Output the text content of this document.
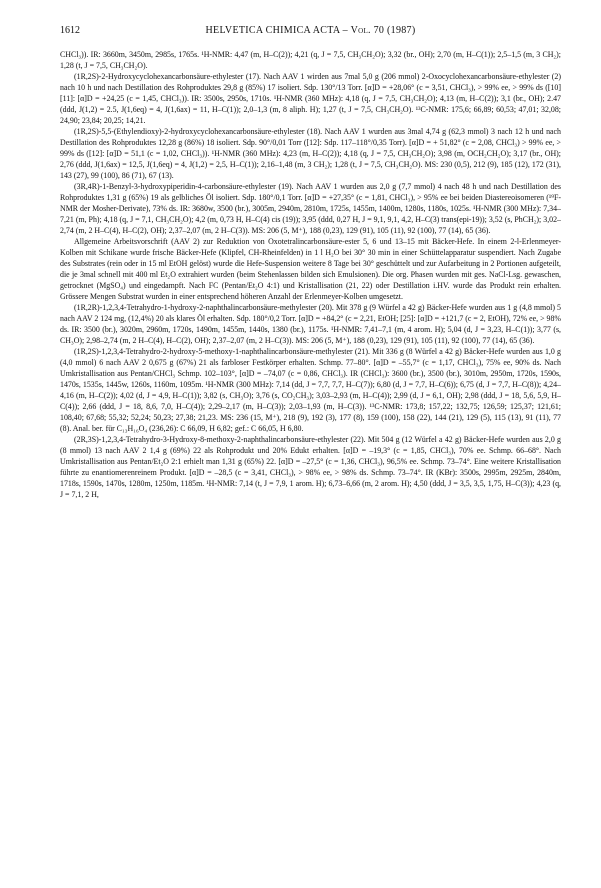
1612	HELVETICA CHIMICA ACTA – Vol. 70 (1987)

CHCl₃)). IR: 3660m, 3450m, 2985s, 1765s. ¹H-NMR: 4,47 (m, H–C(2)); 4,21 (q, J = 7,5, CH₃CH₂O); 3,32 (br., OH); 2,70 (m, H–C(1)); 2,5–1,5 (m, 3 CH₂); 1,28 (t, J = 7,5, CH₃CH₂O).

(1R,2S)-2-Hydroxycyclohexancarbonsäure-ethylester (17). Nach AAV 1 wirden aus 7mal 5,0 g (206 mmol) 2-Oxocyclohexancarbonsäure-ethylester (2) nach 10 h und nach Destillation des Rohproduktes 29,8 g (85%) 17 isoliert. Sdp. 130°/13 Torr. [α]D = +28,06° (c = 3,51, CHCl₃), > 99% ee, > 99% ds ([10] [11]: [α]D = +24,25 (c = 1,45, CHCl₃)). IR: 3500s, 2950s, 1710s. ¹H-NMR (360 MHz): 4,18 (q, J = 7,5, CH₃CH₂O); 4,13 (m, H–C(2)); 3,1 (br., OH); 2.47 (ddd, J(1,2) = 2.5, J(1,6eq) = 4, J(1,6ax) = 11, H–C(1)); 2,0–1,3 (m, 8 aliph. H); 1,27 (t, J = 7,5, CH₃CH₂O). ¹³C-NMR: 175,6; 66,89; 60,53; 47,01; 32,08; 24,90; 23,84; 20,25; 14,21.

(1R,2S)-5,5-(Ethylendioxy)-2-hydroxycyclohexancarbonsäure-ethylester (18). Nach AAV 1 wurden aus 3mal 4,74 g (62,3 mmol) 3 nach 12 h und nach Destillation des Rohproduktes 12,28 g (86%) 18 isoliert. Sdp. 90°/0,01 Torr ([12]: Sdp. 117–118°/0,35 Torr). [α]D = + 51,82° (c = 2,08, CHCl₃) > 99% ee, > 99% ds ([12]: [α]D = 51,1 (c = 1,02, CHCl₃)). ¹H-NMR (360 MHz): 4,23 (m, H–C(2)); 4,18 (q, J = 7,5, CH₃CH₂O); 3,98 (m, OCH₂CH₂O); 3,17 (br., OH); 2,76 (ddd, J(1,6ax) = 12,5, J(1,6eq) = 4, J(1,2) = 2,5, H–C(1)); 2,16–1,48 (m, 3 CH₂); 1,28 (t, J = 7,5, CH₃CH₂O). MS: 230 (0,5), 212 (9), 185 (12), 172 (31), 143 (27), 99 (100), 86 (71), 67 (13).

(3R,4R)-1-Benzyl-3-hydroxypiperidin-4-carbonsäure-ethylester (19). Nach AAV 1 wurden aus 2,0 g (7,7 mmol) 4 nach 48 h und nach Destillation des Rohproduktes 1,31 g (65%) 19 als gelbliches Öl isoliert. Sdp. 180°/0,1 Torr. [α]D = +27,35° (c = 1,81, CHCl₃), > 95% ee bei beiden Diastereoisomeren (¹⁹F-NMR der Mosher-Derivate), 73% ds. IR: 3680w, 3500 (br.), 3005m, 2940m, 2810m, 1725s, 1455m, 1400m, 1280s, 1180s, 1025s. ¹H-NMR (300 MHz): 7,34–7,21 (m, Ph); 4,18 (q, J = 7,1, CH₃CH₂O); 4,2 (m, 0,73 H, H–C(4) cis (19)); 3,95 (ddd, 0,27 H, J = 9,1, 9,1, 4,2, H–C(3) trans(epi-19)); 3,52 (s, PhCH₂); 3,02–2,74 (m, 2 H–C(4), H–C(2), OH); 2,37–2,07 (m, 2 H–C(3)). MS: 206 (5, M⁺), 188 (0,23), 129 (91), 105 (11), 92 (100), 77 (14), 65 (36).

Allgemeine Arbeitsvorschrift (AAV 2) zur Reduktion von Oxotetralincarbonsäure-ester 5, 6 und 13–15 mit Bäcker-Hefe. In einem 2-l-Erlenmeyer-Kolben mit Schikane wurde frische Bäcker-Hefe (Klipfel, CH-Rheinfelden) in 1 l H₂O bei 30° 30 min in einer Schüttelapparatur suspendiert. Nach Zugabe des Substrates (rein oder in 15 ml EtOH gelöst) wurde die Hefe-Suspension weitere 8 Tage bei 30° geschüttelt und zur Aufarbeitung in 2 Portionen aufgeteilt, die je 3mal schnell mit 400 ml Et₂O extrahiert wurden (beim Stehenlassen bilden sich Emulsionen). Die org. Phasen wurden mit ges. NaCl-Lsg. gewaschen, getrocknet (MgSO₄) und eingedampft. Nach FC (Pentan/Et₂O 4:1) und Kristallisation (21, 22) oder Destillation i.HV. wurde das Produkt rein erhalten. Grössere Mengen Substrat wurden in einer entsprechend höheren Anzahl der Erlenmeyer-Kolben umgesetzt.

(1R,2R)-1,2,3,4-Tetrahydro-1-hydroxy-2-naphthalincarbonsäure-methylester (20). Mit 378 g (9 Würfel a 42 g) Bäcker-Hefe wurden aus 1 g (4,8 mmol) 5 nach AAV 2 124 mg, (12,4%) 20 als klares Öl erhalten. Sdp. 180°/0,2 Torr. [α]D = +84,2° (c = 2,21, EtOH; [25]: [α]D = +121,7 (c = 2, EtOH), 72% ee, > 98% ds. IR: 3500 (br.), 3020m, 2960m, 1720s, 1490m, 1455m, 1440s, 1380 (br.), 1175s. ¹H-NMR: 7,41–7,1 (m, 4 arom. H); 5,04 (d, J = 3,23, H–C(1)); 3,77 (s, CH₃O); 2,98–2,74 (m, 2 H–C(4), H–C(2), OH); 2,37–2,07 (m, 2 H–C(3)). MS: 206 (5, M⁺), 188 (0,23), 129 (91), 105 (11), 92 (100), 77 (14), 65 (36).

(1R,2S)-1,2,3,4-Tetrahydro-2-hydroxy-5-methoxy-1-naphthalincarbonsäure-methylester (21). Mit 336 g (8 Würfel a 42 g) Bäcker-Hefe wurden aus 1,0 g (4,0 mmol) 6 nach AAV 2 0,675 g (67%) 21 als farbloser Festkörper erhalten. Schmp. 77–80°. [α]D = –55,7° (c = 1,17, CHCl₃), 75% ee, 90% ds. Nach Umkristallisation aus Pentan/CHCl₃ Schmp. 102–103°, [α]D = –74,07 (c = 0,86, CHCl₃). IR (CHCl₃): 3600 (br.), 3500 (br.), 3010m, 2950m, 1720s, 1590s, 1470s, 1535s, 1445w, 1260s, 1160m, 1095m. ¹H-NMR (300 MHz): 7,14 (dd, J = 7,7, 7,7, H–C(7)); 6,80 (d, J = 7,7, H–C(6)); 6,75 (d, J = 7,7, H–C(8)); 4,24–4,16 (m, H–C(2)); 4,02 (d, J = 4,9, H–C(1)); 3,82 (s, CH₃O); 3,76 (s, CO₂CH₃); 3,03–2,93 (m, H–C(4)); 2,99 (d, J = 6,1, OH); 2,98 (ddd, J = 18, 5,6, 5,9, H–C(4)); 2,66 (ddd, J = 18, 8,6, 7,0, H–C(4)); 2,29–2,17 (m, H–C(3)); 2,03–1,93 (m, H–C(3)). ¹³C-NMR: 173,8; 157,22; 132,75; 126,59; 125,37; 121,61; 108,40; 67,68; 55,32; 52,24; 50,23; 27,38; 21,23. MS: 236 (15, M⁺), 218 (9), 192 (3), 177 (8), 159 (100), 158 (22), 144 (21), 129 (5), 115 (13), 91 (11), 77 (8). Anal. ber. für C₁₃H₁₆O₄ (236,26): C 66,09, H 6,82; gef.: C 66,05, H 6,80.

(2R,3S)-1,2,3,4-Tetrahydro-3-Hydroxy-8-methoxy-2-naphthalincarbonsäure-ethylester (22). Mit 504 g (12 Würfel a 42 g) Bäcker-Hefe wurden aus 2,0 g (8 mmol) 13 nach AAV 2 1,4 g (69%) 22 als Rohprodukt und 20% Edukt erhalten. [α]D = –19,3° (c = 1,85, CHCl₃), 70% ee. Schmp. 66–68°. Nach Umkristallisation aus Pentan/Et₂O 2:1 erhielt man 1,31 g (65%) 22. [α]D = –27,5° (c = 1,36, CHCl₃), 96,5% ee. Schmp. 73–74°. Eine weitere Kristallisation führte zu enantiomerenreinem Produkt. [α]D = –28,5 (c = 3,41, CHCl₃), > 98% ee, > 98% ds. Schmp. 73–74°. IR (KBr): 3500s, 2995m, 2925m, 2840m, 1718s, 1590s, 1470s, 1280m, 1250m, 1185m. ¹H-NMR: 7,14 (t, J = 7,9, 1 arom. H); 6,73–6,66 (m, 2 arom. H); 4,50 (ddd, J = 3,5, 3,5, 1,75, H–C(3)); 4,23 (q, J = 7,1, 2 H,
